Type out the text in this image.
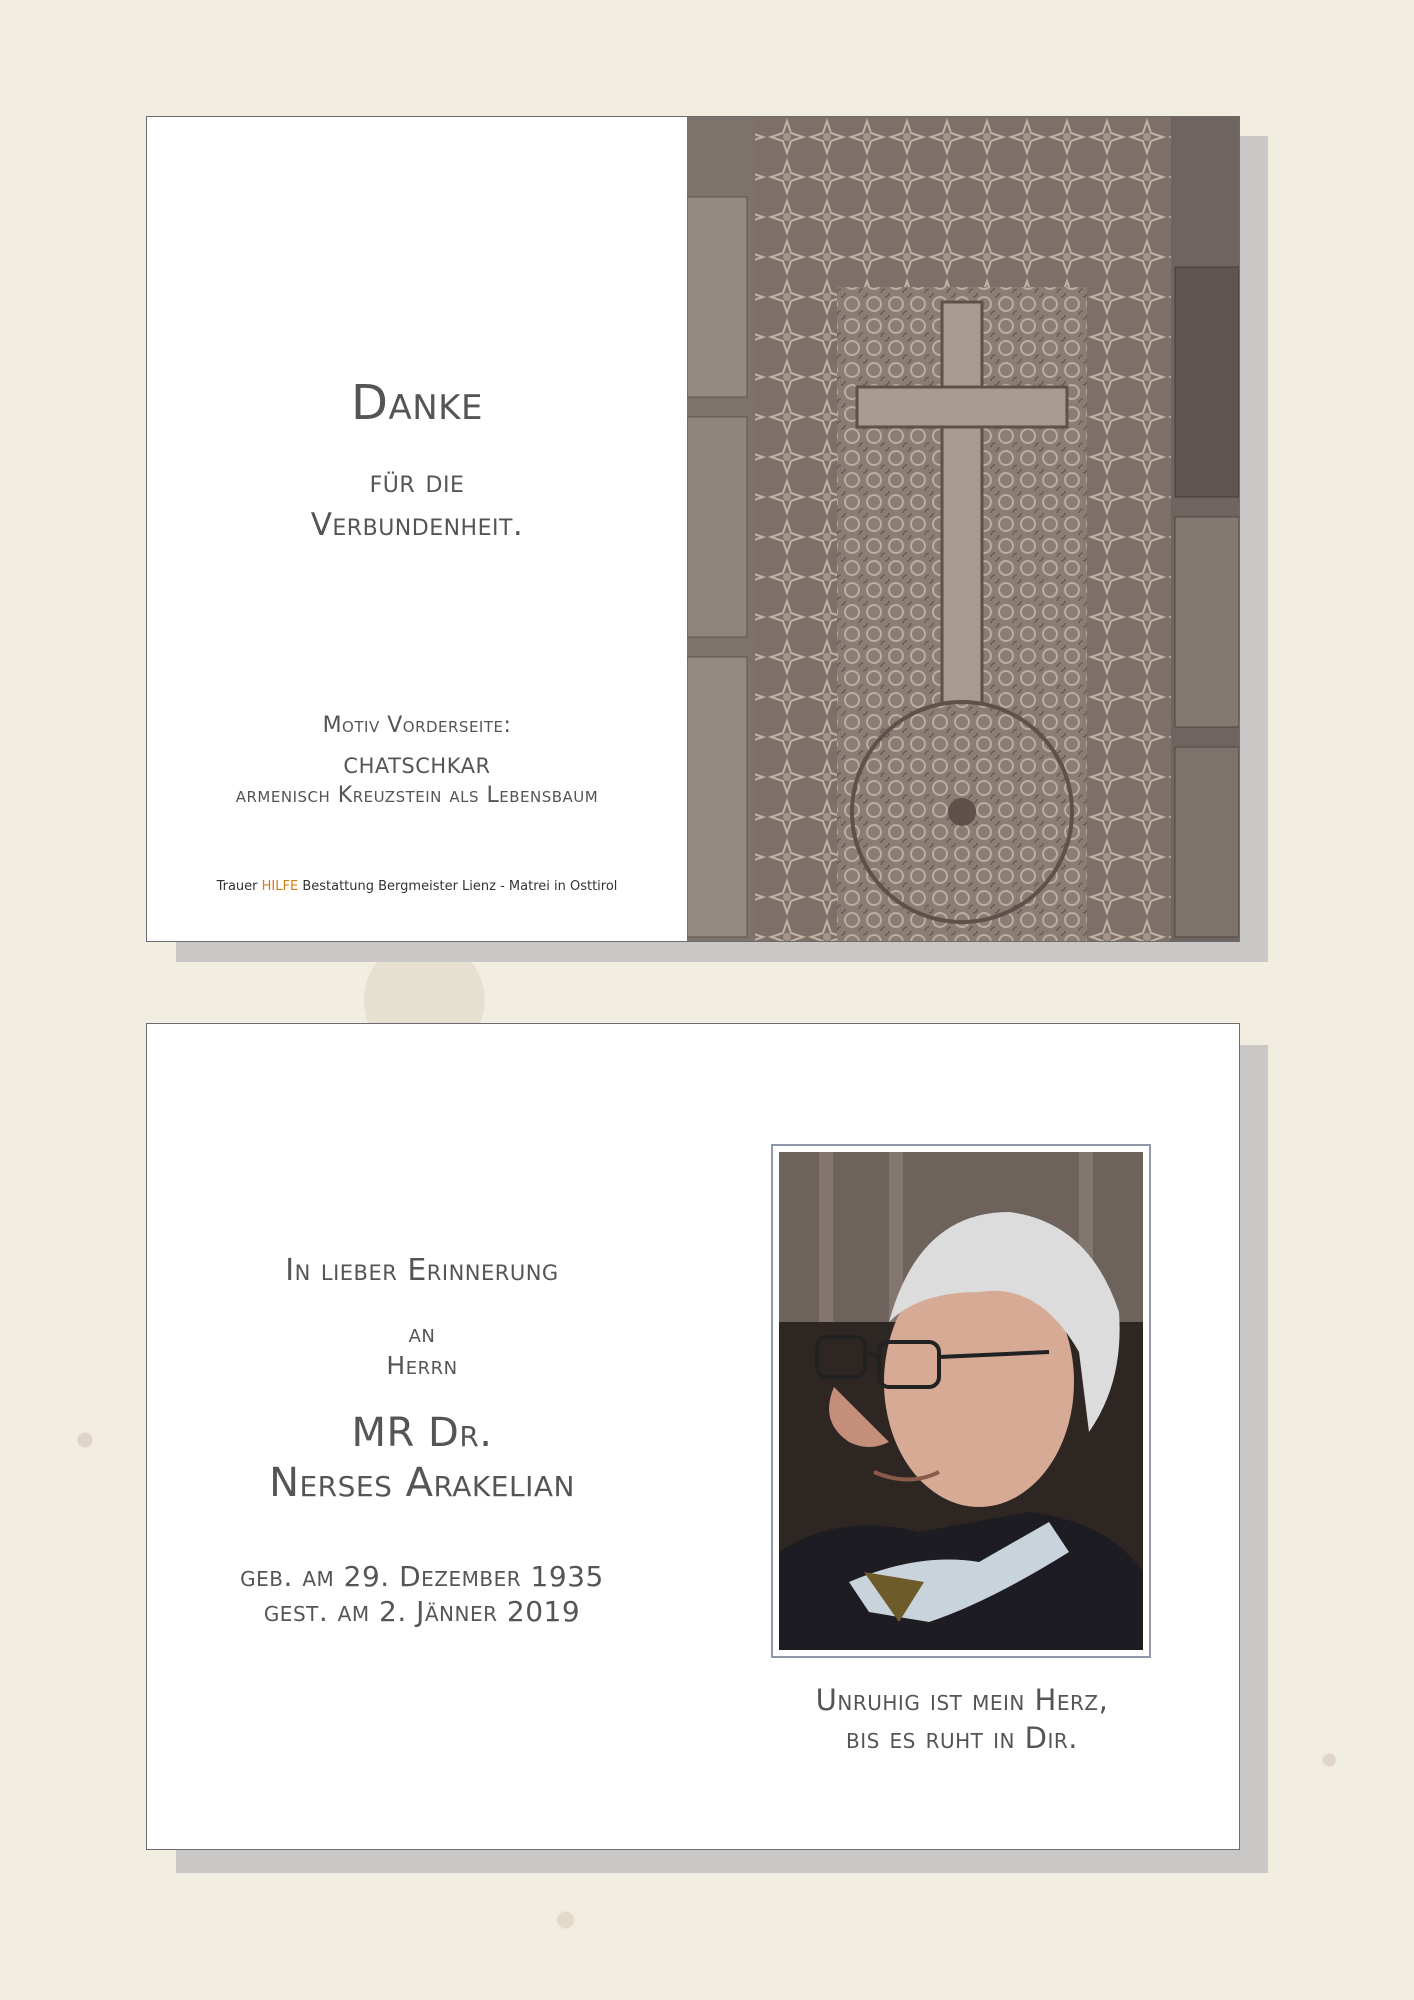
Danke
für die
Verbundenheit.
Motiv Vorderseite:
CHATSCHKAR
armenisch Kreuzstein als Lebensbaum
Trauer HILFE Bestattung Bergmeister Lienz - Matrei in Osttirol
In lieber Erinnerung
an
Herrn
MR Dr.
Nerses Arakelian
geb. am 29. Dezember 1935
gest. am 2. Jänner 2019
Unruhig ist mein Herz,
bis es ruht in Dir.
